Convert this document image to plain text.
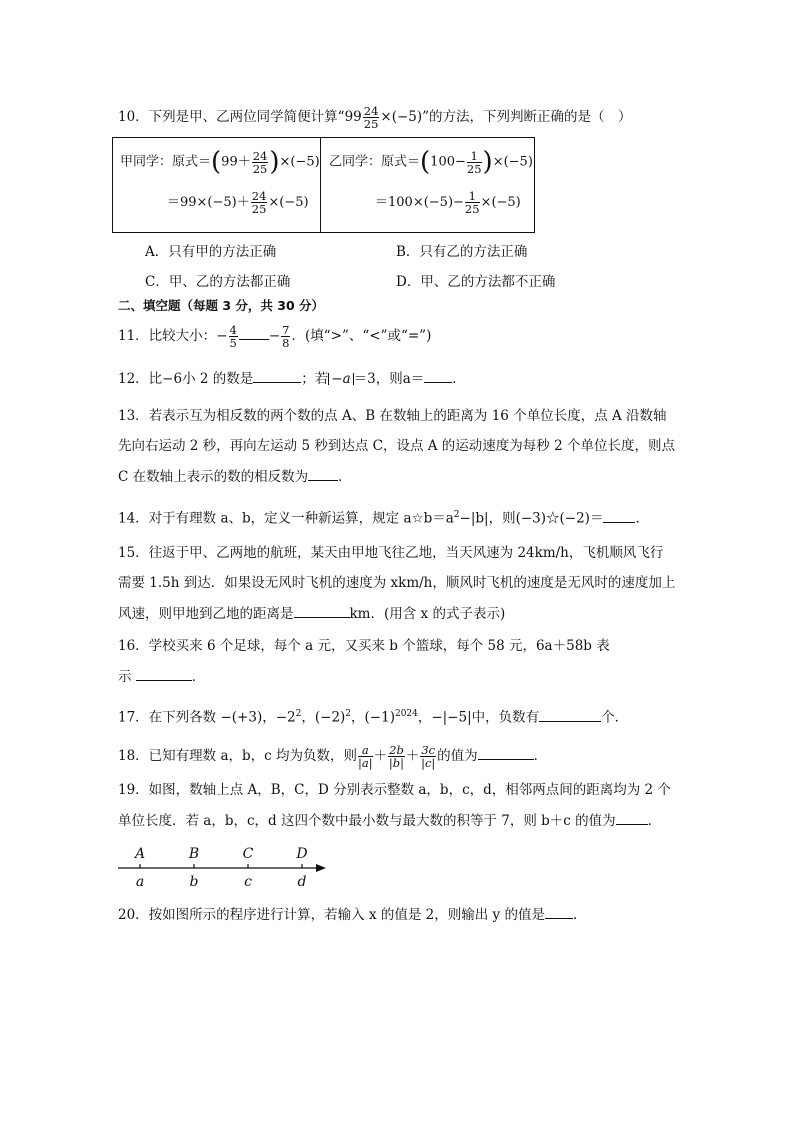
10．下列是甲、乙两位同学简便计算“$99 \frac{24}{25} \times(-5)$”的方法，下列判断正确的是（　）
甲同学：原式$=(99+ \frac{24}{25} )\times(-5)$
$=99\times(-5)+ \frac{24}{25} \times(-5)$
乙同学：原式$=(100- \frac{1}{25} )\times(-5)$
$=100\times(-5)- \frac{1}{25} \times(-5)$
A．只有甲的方法正确	B．只有乙的方法正确
C．甲、乙的方法都正确	D．甲、乙的方法都不正确
二、填空题（每题 3 分，共 30 分）
11．比较大小：− $\frac{4}{5} - \frac{7}{8}$ ．(填“>”、“<”或“=”)
12．比−6小 2 的数是	；若 −a ＝3，则a＝ ．
13．若表示互为相反数的两个数的点 A、B 在数轴上的距离为 16 个单位长度，点 A 沿数轴
先向右运动 2 秒，再向左运动 5 秒到达点 C，设点 A 的运动速度为每秒 2 个单位长度，则点
C 在数轴上表示的数的相反数为 ．
14．对于有理数 a、b，定义一种新运算，规定 $a☆b=a^2-|b|$，则(−3)☆(−2)＝ ．
15．往返于甲、乙两地的航班，某天由甲地飞往乙地，当天风速为 24km/h，飞机顺风飞行
需要 1.5h 到达．如果设无风时飞机的速度为 xkm/h，顺风时飞机的速度是无风时的速度加上
风速，则甲地到乙地的距离是	km．(用含 x 的式子表示)
16．学校买来 6 个足球，每个 a 元，又买来 b 个篮球，每个 58 元，6a＋58b 表
示	．
17．在下列各数 −(+3)，$-2^2$，$(-2)^2$，$(-1)^{2024}$，−|−5|中，负数有	个．
18．已知有理数 a，b，c 均为负数，则 $\frac{a}{|a|} + \frac{2b}{|b|} + \frac{3c}{|c|}$ 的值为	．
19．如图，数轴上点 A，B，C，D 分别表示整数 a，b，c，d，相邻两点间的距离均为 2 个
单位长度．若 a，b，c，d 这四个数中最小数与最大数的积等于 7，则 b＋c 的值为 ．
A
a
B
b
C
c
D
d
20．按如图所示的程序进行计算，若输入 x 的值是 2，则输出 y 的值是 ．
